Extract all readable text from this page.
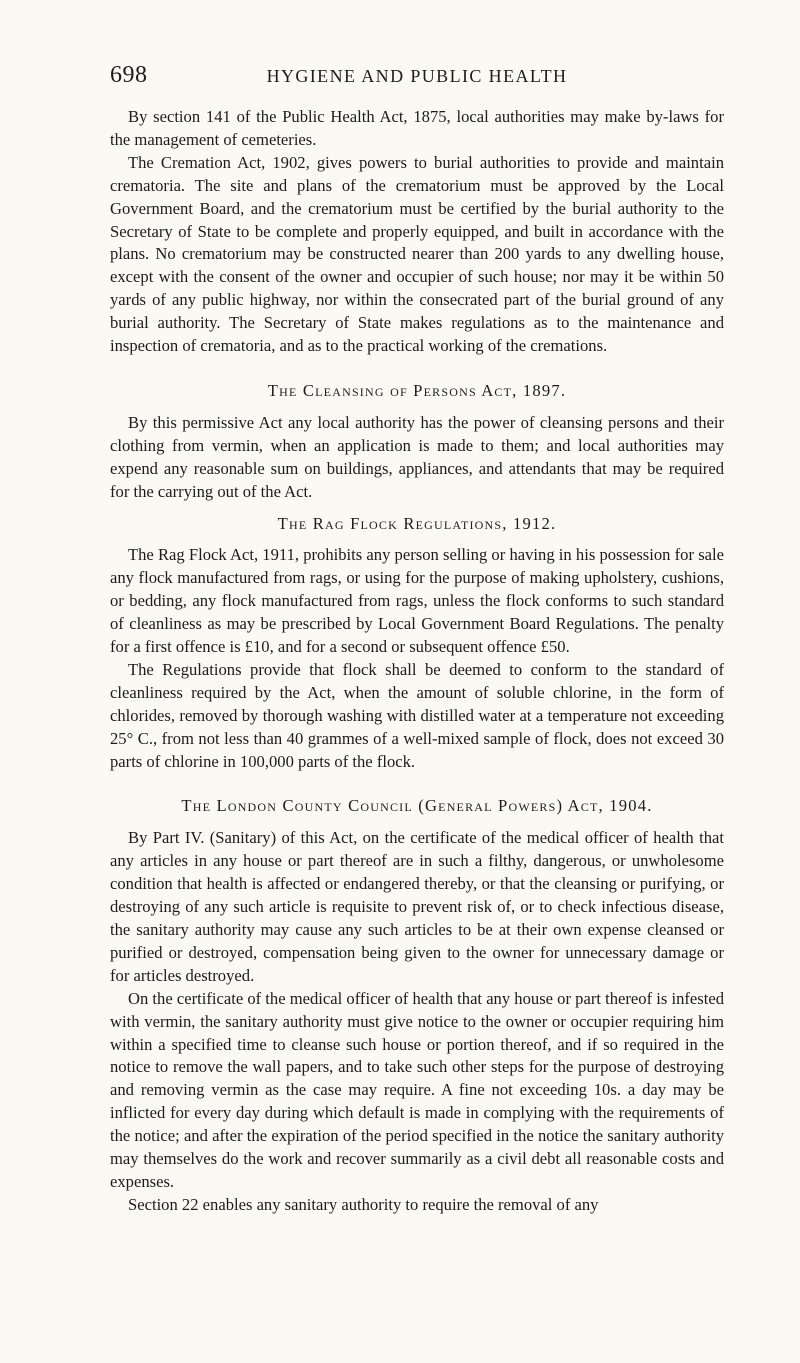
698	HYGIENE AND PUBLIC HEALTH

By section 141 of the Public Health Act, 1875, local authorities may make by-laws for the management of cemeteries.

The Cremation Act, 1902, gives powers to burial authorities to provide and maintain crematoria. The site and plans of the crematorium must be approved by the Local Government Board, and the crematorium must be certified by the burial authority to the Secretary of State to be complete and properly equipped, and built in accordance with the plans. No crematorium may be constructed nearer than 200 yards to any dwelling house, except with the consent of the owner and occupier of such house; nor may it be within 50 yards of any public highway, nor within the consecrated part of the burial ground of any burial authority. The Secretary of State makes regulations as to the maintenance and inspection of crematoria, and as to the practical working of the cremations.

The Cleansing of Persons Act, 1897.

By this permissive Act any local authority has the power of cleansing persons and their clothing from vermin, when an application is made to them; and local authorities may expend any reasonable sum on buildings, appliances, and attendants that may be required for the carrying out of the Act.

The Rag Flock Regulations, 1912.

The Rag Flock Act, 1911, prohibits any person selling or having in his possession for sale any flock manufactured from rags, or using for the purpose of making upholstery, cushions, or bedding, any flock manufactured from rags, unless the flock conforms to such standard of cleanliness as may be prescribed by Local Government Board Regulations. The penalty for a first offence is £10, and for a second or subsequent offence £50.

The Regulations provide that flock shall be deemed to conform to the standard of cleanliness required by the Act, when the amount of soluble chlorine, in the form of chlorides, removed by thorough washing with distilled water at a temperature not exceeding 25° C., from not less than 40 grammes of a well-mixed sample of flock, does not exceed 30 parts of chlorine in 100,000 parts of the flock.

The London County Council (General Powers) Act, 1904.

By Part IV. (Sanitary) of this Act, on the certificate of the medical officer of health that any articles in any house or part thereof are in such a filthy, dangerous, or unwholesome condition that health is affected or endangered thereby, or that the cleansing or purifying, or destroying of any such article is requisite to prevent risk of, or to check infectious disease, the sanitary authority may cause any such articles to be at their own expense cleansed or purified or destroyed, compensation being given to the owner for unnecessary damage or for articles destroyed.

On the certificate of the medical officer of health that any house or part thereof is infested with vermin, the sanitary authority must give notice to the owner or occupier requiring him within a specified time to cleanse such house or portion thereof, and if so required in the notice to remove the wall papers, and to take such other steps for the purpose of destroying and removing vermin as the case may require. A fine not exceeding 10s. a day may be inflicted for every day during which default is made in complying with the requirements of the notice; and after the expiration of the period specified in the notice the sanitary authority may themselves do the work and recover summarily as a civil debt all reasonable costs and expenses.

Section 22 enables any sanitary authority to require the removal of any
